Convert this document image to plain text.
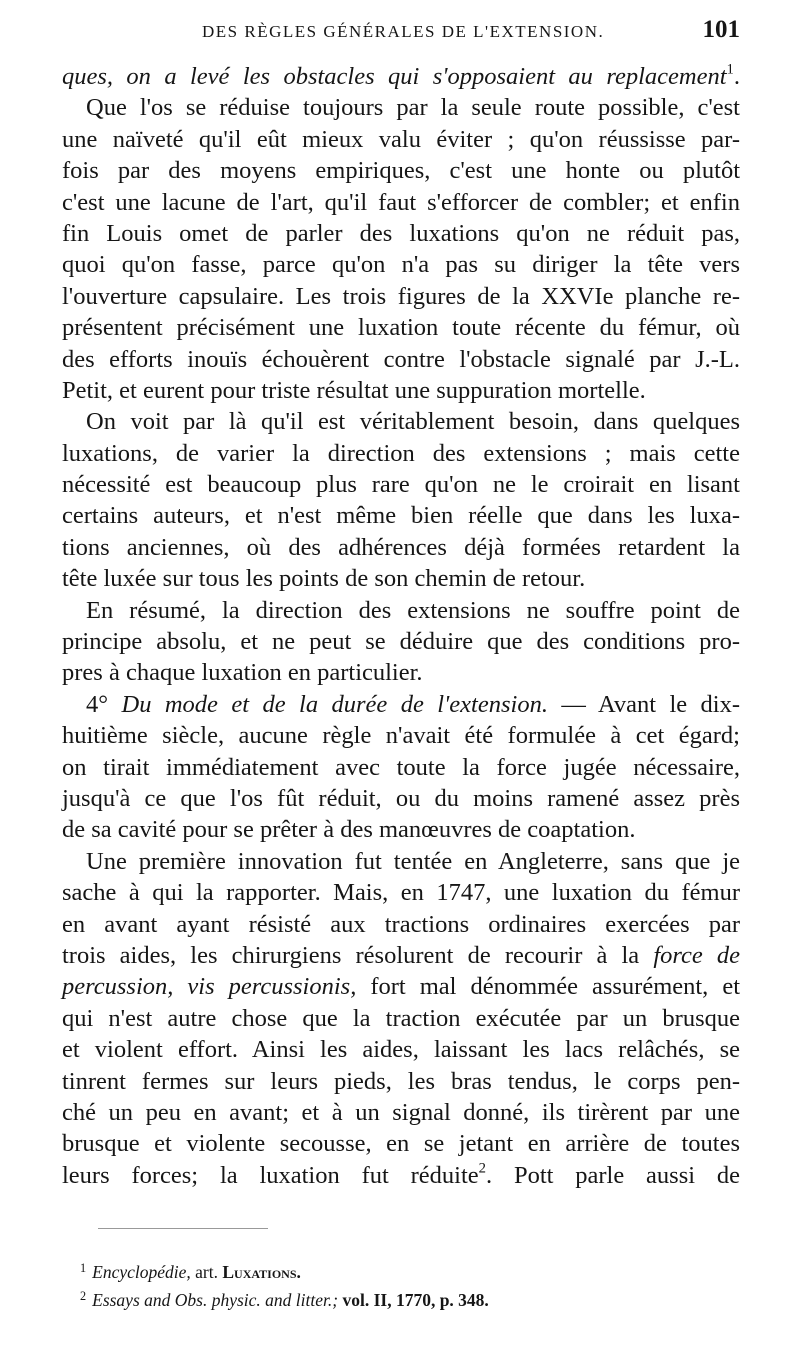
DES RÈGLES GÉNÉRALES DE L'EXTENSION.	101
ques, on a levé les obstacles qui s'opposaient au replacement$^1$.
Que l'os se réduise toujours par la seule route possible, c'est
une naïveté qu'il eût mieux valu éviter ; qu'on réussisse par-
fois par des moyens empiriques, c'est une honte ou plutôt
c'est une lacune de l'art, qu'il faut s'efforcer de combler; et enfin
fin Louis omet de parler des luxations qu'on ne réduit pas,
quoi qu'on fasse, parce qu'on n'a pas su diriger la tête vers
l'ouverture capsulaire. Les trois figures de la XXVIe planche re-
présentent précisément une luxation toute récente du fémur, où
des efforts inouïs échouèrent contre l'obstacle signalé par J.-L.
Petit, et eurent pour triste résultat une suppuration mortelle.
On voit par là qu'il est véritablement besoin, dans quelques
luxations, de varier la direction des extensions ; mais cette
nécessité est beaucoup plus rare qu'on ne le croirait en lisant
certains auteurs, et n'est même bien réelle que dans les luxa-
tions anciennes, où des adhérences déjà formées retardent la
tête luxée sur tous les points de son chemin de retour.
En résumé, la direction des extensions ne souffre point de
principe absolu, et ne peut se déduire que des conditions pro-
pres à chaque luxation en particulier.
4° Du mode et de la durée de l'extension. — Avant le dix-
huitième siècle, aucune règle n'avait été formulée à cet égard;
on tirait immédiatement avec toute la force jugée nécessaire,
jusqu'à ce que l'os fût réduit, ou du moins ramené assez près
de sa cavité pour se prêter à des manœuvres de coaptation.
Une première innovation fut tentée en Angleterre, sans que je
sache à qui la rapporter. Mais, en 1747, une luxation du fémur
en avant ayant résisté aux tractions ordinaires exercées par
trois aides, les chirurgiens résolurent de recourir à la force de
percussion, vis percussionis, fort mal dénommée assurément, et
qui n'est autre chose que la traction exécutée par un brusque
et violent effort. Ainsi les aides, laissant les lacs relâchés, se
tinrent fermes sur leurs pieds, les bras tendus, le corps pen-
ché un peu en avant; et à un signal donné, ils tirèrent par une
brusque et violente secousse, en se jetant en arrière de toutes
leurs forces; la luxation fut réduite$^2$. Pott parle aussi de
$^1$ Encyclopédie, art. Luxations.
$^2$ Essays and Obs. physic. and litter.; vol. II, 1770, p. 348.
